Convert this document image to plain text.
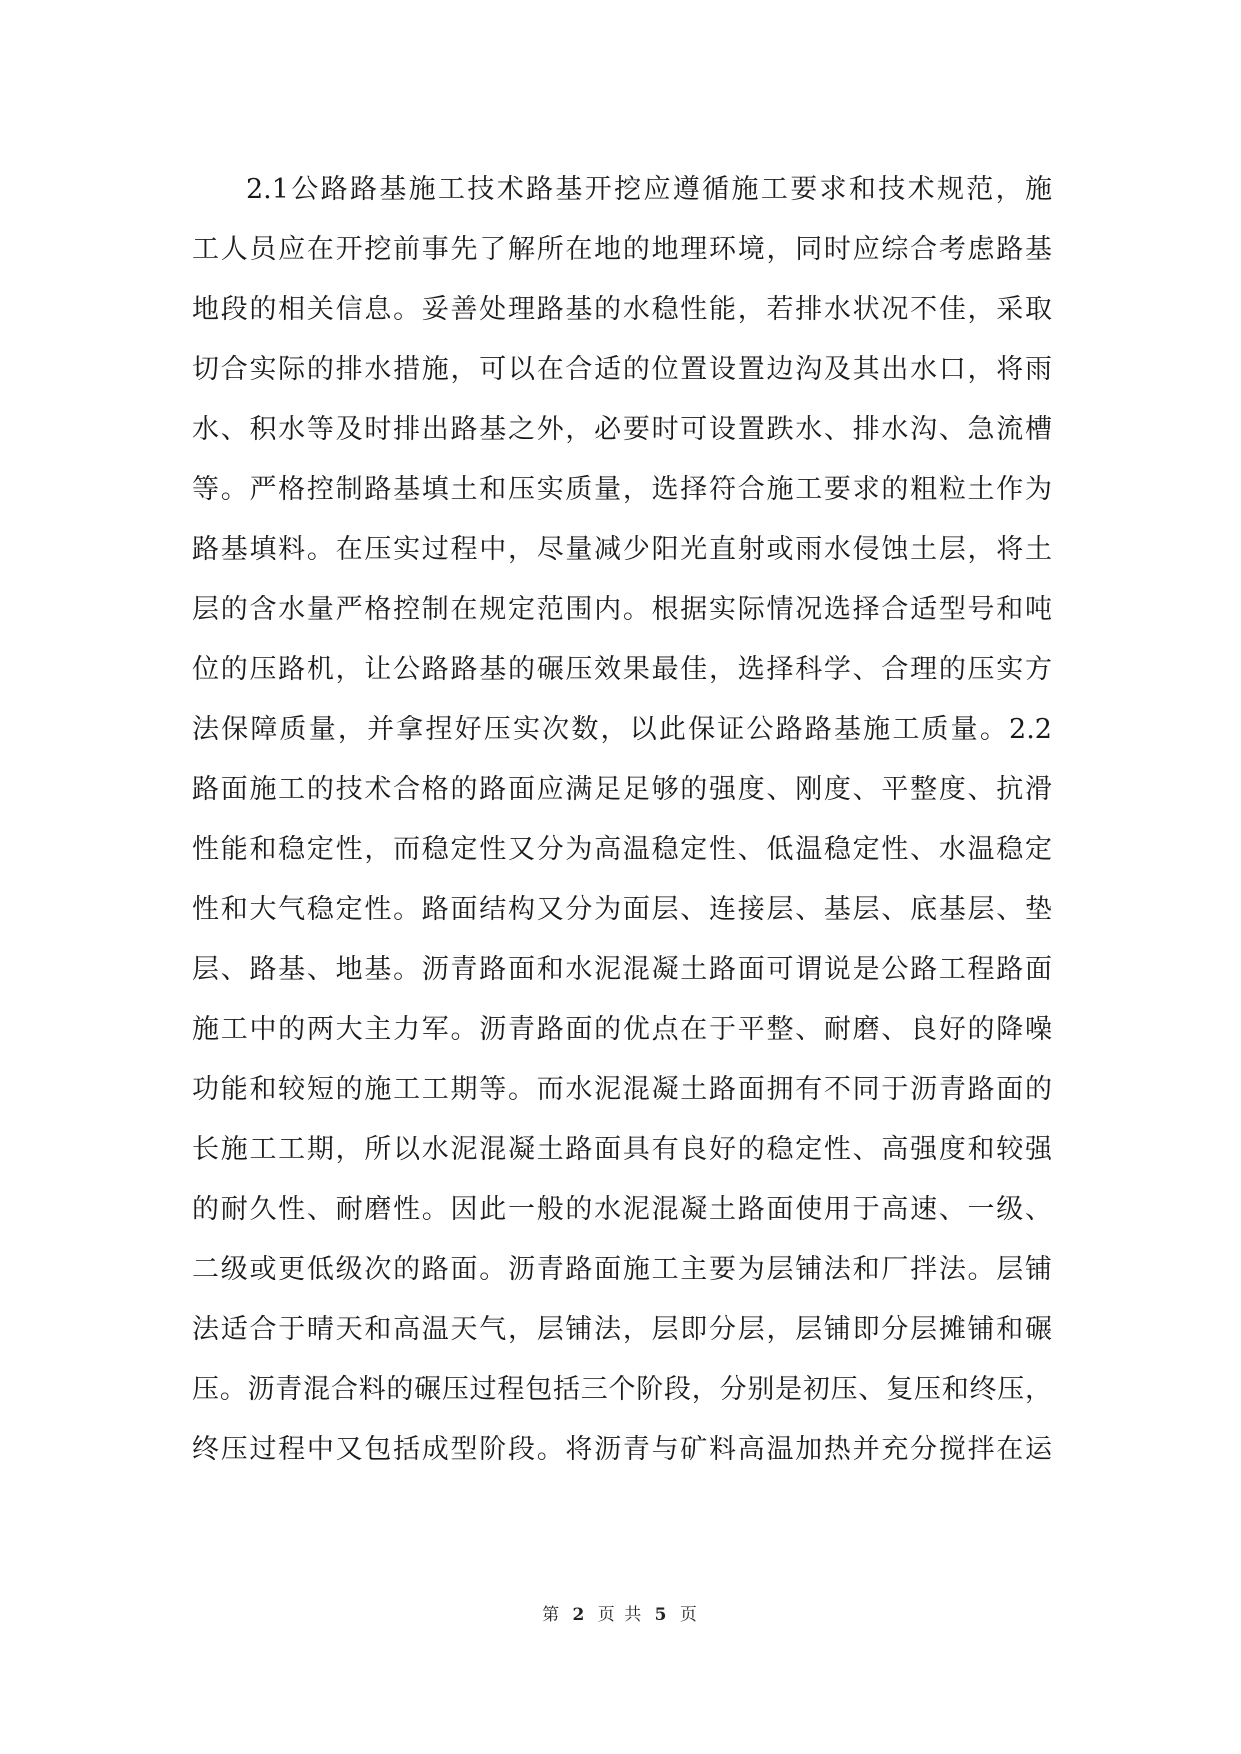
2.1公路路基施工技术路基开挖应遵循施工要求和技术规范，施
工人员应在开挖前事先了解所在地的地理环境，同时应综合考虑路基
地段的相关信息。妥善处理路基的水稳性能，若排水状况不佳，采取
切合实际的排水措施，可以在合适的位置设置边沟及其出水口，将雨
水、积水等及时排出路基之外，必要时可设置跌水、排水沟、急流槽
等。严格控制路基填土和压实质量，选择符合施工要求的粗粒土作为
路基填料。在压实过程中，尽量减少阳光直射或雨水侵蚀土层，将土
层的含水量严格控制在规定范围内。根据实际情况选择合适型号和吨
位的压路机，让公路路基的碾压效果最佳，选择科学、合理的压实方
法保障质量，并拿捏好压实次数，以此保证公路路基施工质量。2.2
路面施工的技术合格的路面应满足足够的强度、刚度、平整度、抗滑
性能和稳定性，而稳定性又分为高温稳定性、低温稳定性、水温稳定
性和大气稳定性。路面结构又分为面层、连接层、基层、底基层、垫
层、路基、地基。沥青路面和水泥混凝土路面可谓说是公路工程路面
施工中的两大主力军。沥青路面的优点在于平整、耐磨、良好的降噪
功能和较短的施工工期等。而水泥混凝土路面拥有不同于沥青路面的
长施工工期，所以水泥混凝土路面具有良好的稳定性、高强度和较强
的耐久性、耐磨性。因此一般的水泥混凝土路面使用于高速、一级、
二级或更低级次的路面。沥青路面施工主要为层铺法和厂拌法。层铺
法适合于晴天和高温天气，层铺法，层即分层，层铺即分层摊铺和碾
压。沥青混合料的碾压过程包括三个阶段，分别是初压、复压和终压，
终压过程中又包括成型阶段。将沥青与矿料高温加热并充分搅拌在运
第 2 页 共 5 页
